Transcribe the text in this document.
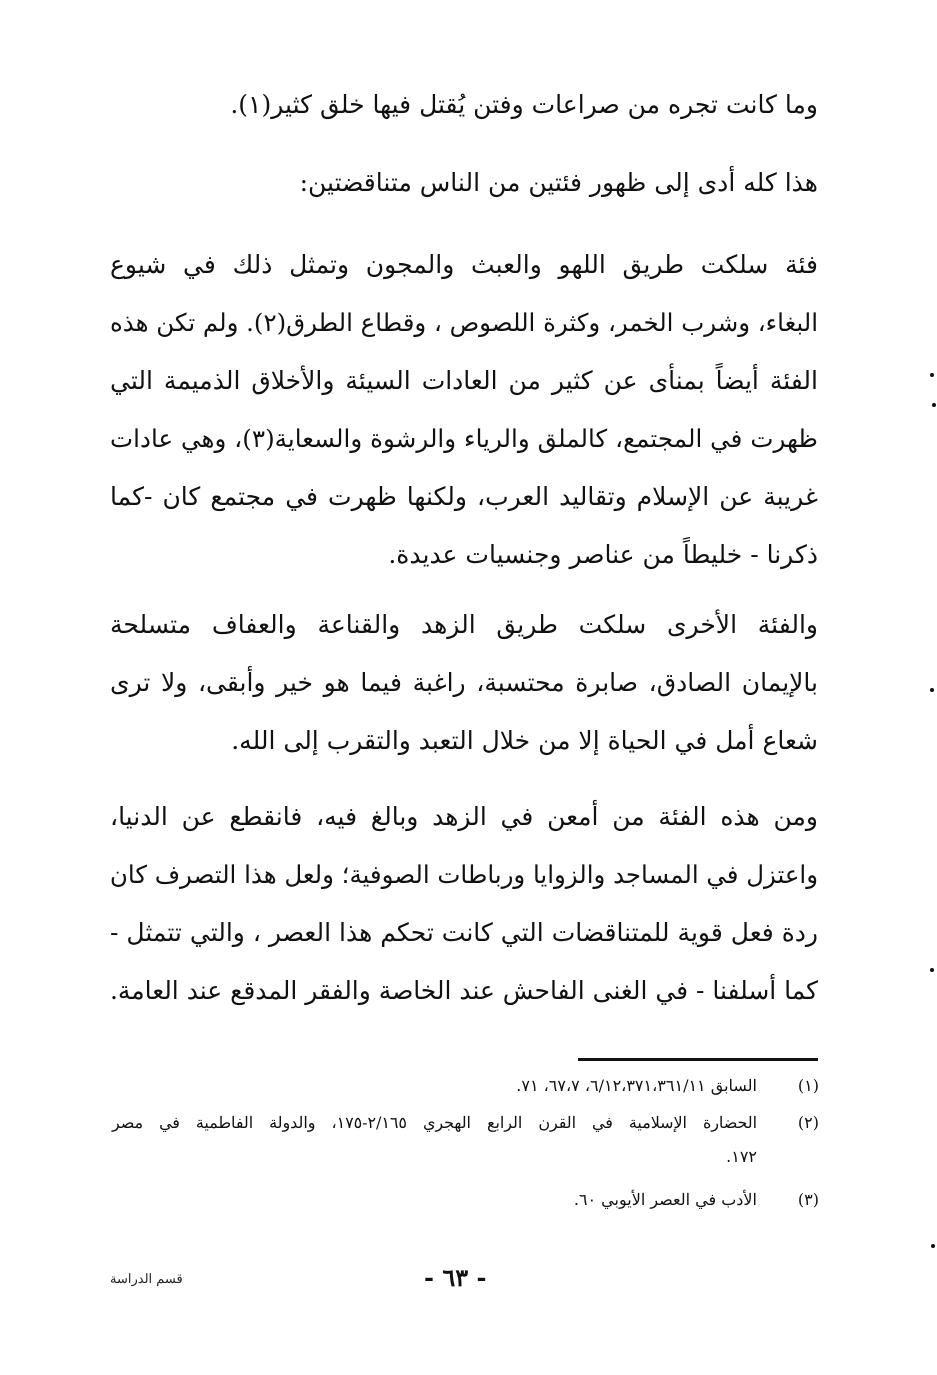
وما كانت تجره من صراعات وفتن يُقتل فيها خلق كثير(١).
هذا كله أدى إلى ظهور فئتين من الناس متناقضتين:
فئة سلكت طريق اللهو والعبث والمجون وتمثل ذلك في شيوع
البغاء، وشرب الخمر، وكثرة اللصوص ، وقطاع الطرق(٢). ولم تكن هذه
الفئة أيضاً بمنأى عن كثير من العادات السيئة والأخلاق الذميمة التي
ظهرت في المجتمع، كالملق والرياء والرشوة والسعاية(٣)، وهي عادات
غريبة عن الإسلام وتقاليد العرب، ولكنها ظهرت في مجتمع كان -كما
ذكرنا - خليطاً من عناصر وجنسيات عديدة.
والفئة الأخرى سلكت طريق الزهد والقناعة والعفاف متسلحة
بالإيمان الصادق، صابرة محتسبة، راغبة فيما هو خير وأبقى، ولا ترى
شعاع أمل في الحياة إلا من خلال التعبد والتقرب إلى الله.
ومن هذه الفئة من أمعن في الزهد وبالغ فيه، فانقطع عن الدنيا،
واعتزل في المساجد والزوايا ورباطات الصوفية؛ ولعل هذا التصرف كان
ردة فعل قوية للمتناقضات التي كانت تحكم هذا العصر ، والتي تتمثل -
كما أسلفنا - في الغنى الفاحش عند الخاصة والفقر المدقع عند العامة.
(١)
السابق ٦/١٢،٣٧١،٣٦١/١١، ٦٧،٧، ٧١.
(٢)
الحضارة الإسلامية في القرن الرابع الهجري ٢/١٦٥-١٧٥، والدولة الفاطمية في مصر
١٧٢.
(٣)
الأدب في العصر الأيوبي ٦٠.
- ٦٣ -
قسم الدراسة
